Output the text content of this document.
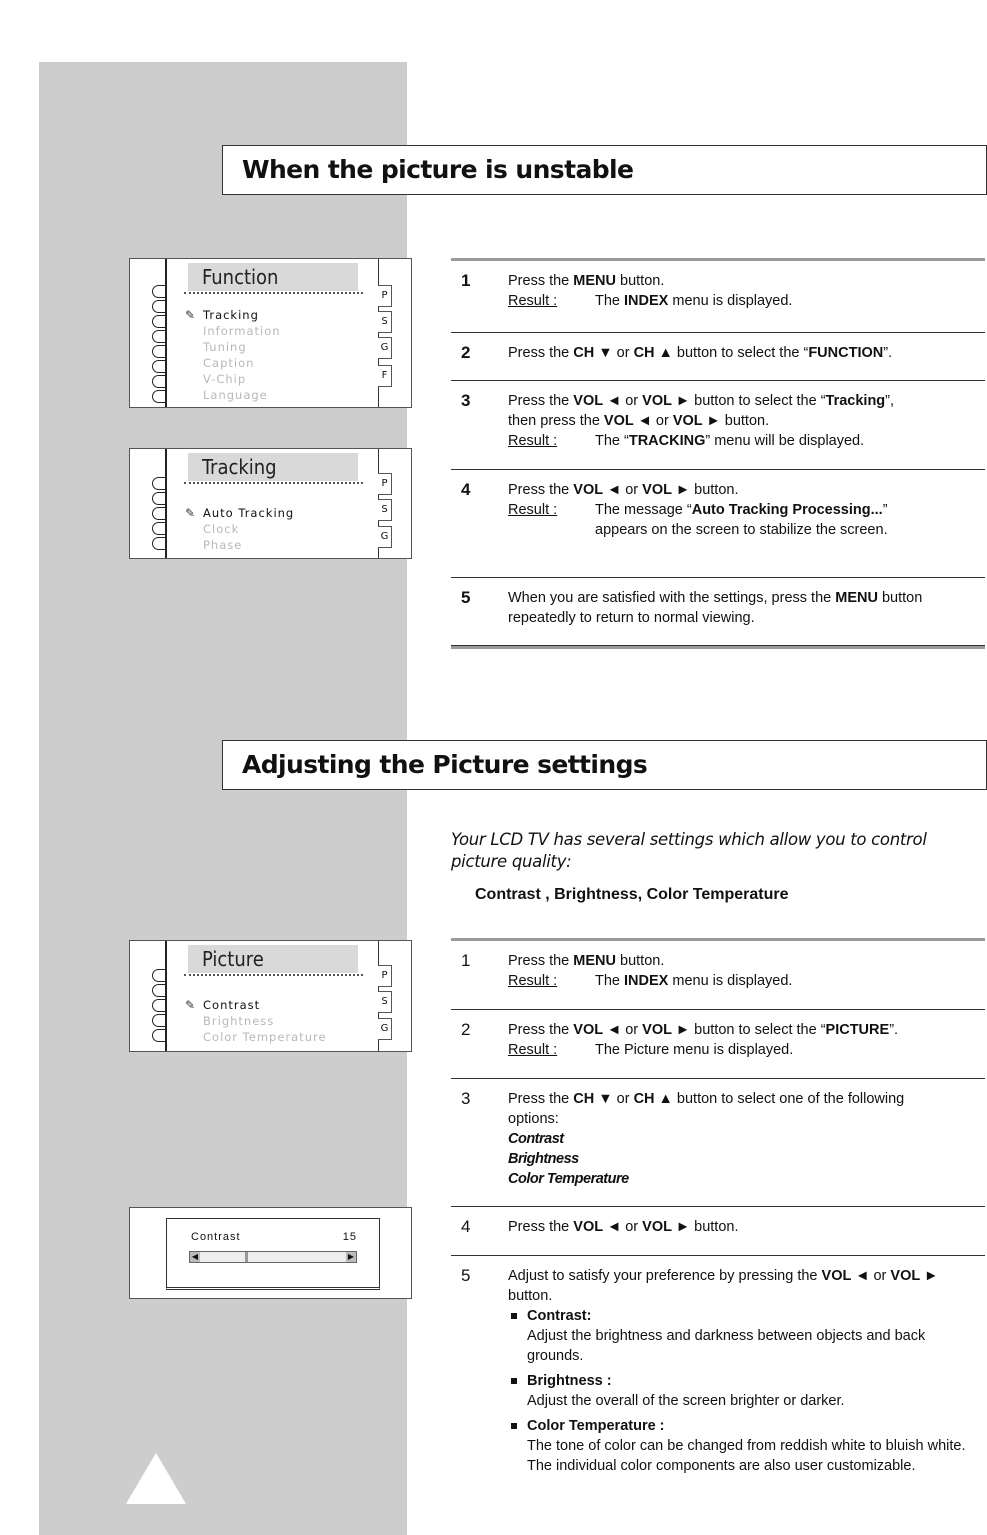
When the picture is unstable
Function
✎ Tracking
Information
Tuning
Caption
V-Chip
Language
P
S
G
F
Tracking
✎ Auto Tracking
Clock
Phase
P
S
G
1	Press the MENU button.
Result :	The INDEX menu is displayed.
2	Press the CH ▼ or CH ▲ button to select the “FUNCTION”.
3	Press the VOL ◄ or VOL ► button to select the “Tracking”,
then press the VOL ◄ or VOL ► button.
Result :	The “TRACKING” menu will be displayed.
4	Press the VOL ◄ or VOL ► button.
Result :	The message “Auto Tracking Processing...”
appears on the screen to stabilize the screen.
5	When you are satisfied with the settings, press the MENU button
repeatedly to return to normal viewing.
Adjusting the Picture settings
Your LCD TV has several settings which allow you to control picture quality:
Contrast , Brightness, Color Temperature
Picture
✎ Contrast
Brightness
Color Temperature
P
S
G
Contrast	15
◀	▶
1	Press the MENU button.
Result :	The INDEX menu is displayed.
2	Press the VOL ◄ or VOL ► button to select the “PICTURE”.
Result :	The Picture menu is displayed.
3	Press the CH ▼ or CH ▲ button to select one of the following
options:
Contrast
Brightness
Color Temperature
4	Press the VOL ◄ or VOL ► button.
5	Adjust to satisfy your preference by pressing the VOL ◄ or VOL ►
button.
Contrast:
Adjust the brightness and darkness between objects and back grounds.
Brightness :
Adjust the overall of the screen brighter or darker.
Color Temperature :
The tone of color can be changed from reddish white to bluish white. The individual color components are also user customizable.
